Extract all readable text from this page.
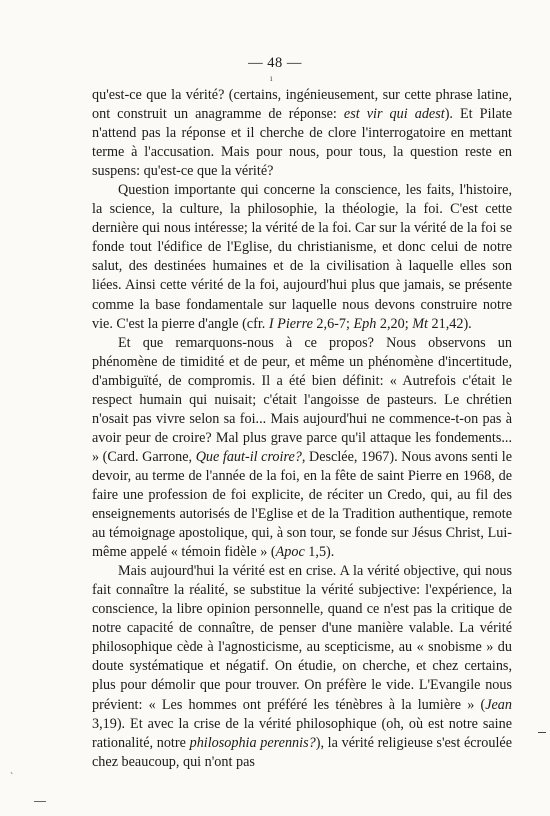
— 48 —
ı

qu'est-ce que la vérité? (certains, ingénieusement, sur cette phrase latine, ont construit un anagramme de réponse: est vir qui adest). Et Pilate n'attend pas la réponse et il cherche de clore l'interrogatoire en mettant terme à l'accusation. Mais pour nous, pour tous, la question reste en suspens: qu'est-ce que la vérité?

Question importante qui concerne la conscience, les faits, l'histoire, la science, la culture, la philosophie, la théologie, la foi. C'est cette dernière qui nous intéresse; la vérité de la foi. Car sur la vérité de la foi se fonde tout l'édifice de l'Eglise, du christianisme, et donc celui de notre salut, des destinées humaines et de la civilisation à laquelle elles son liées. Ainsi cette vérité de la foi, aujourd'hui plus que jamais, se présente comme la base fondamentale sur laquelle nous devons construire notre vie. C'est la pierre d'angle (cfr. I Pierre 2,6-7; Eph 2,20; Mt 21,42).

Et que remarquons-nous à ce propos? Nous observons un phénomène de timidité et de peur, et même un phénomène d'incertitude, d'ambiguïté, de compromis. Il a été bien définit: « Autrefois c'était le respect humain qui nuisait; c'était l'angoisse de pasteurs. Le chrétien n'osait pas vivre selon sa foi... Mais aujourd'hui ne commence-t-on pas à avoir peur de croire? Mal plus grave parce qu'il attaque les fondements... » (Card. Garrone, Que faut-il croire?, Desclée, 1967). Nous avons senti le devoir, au terme de l'année de la foi, en la fête de saint Pierre en 1968, de faire une profession de foi explicite, de réciter un Credo, qui, au fil des enseignements autorisés de l'Eglise et de la Tradition authentique, remote au témoignage apostolique, qui, à son tour, se fonde sur Jésus Christ, Lui-même appelé « témoin fidèle » (Apoc 1,5).

Mais aujourd'hui la vérité est en crise. A la vérité objective, qui nous fait connaître la réalité, se substitue la vérité subjective: l'expérience, la conscience, la libre opinion personnelle, quand ce n'est pas la critique de notre capacité de connaître, de penser d'une manière valable. La vérité philosophique cède à l'agnosticisme, au scepticisme, au « snobisme » du doute systématique et négatif. On étudie, on cherche, et chez certains, plus pour démolir que pour trouver. On préfère le vide. L'Evangile nous prévient: « Les hommes ont préféré les ténèbres à la lumière » (Jean 3,19). Et avec la crise de la vérité philosophique (oh, où est notre saine rationalité, notre philosophia perennis?), la vérité religieuse s'est écroulée chez beaucoup, qui n'ont pas

`
